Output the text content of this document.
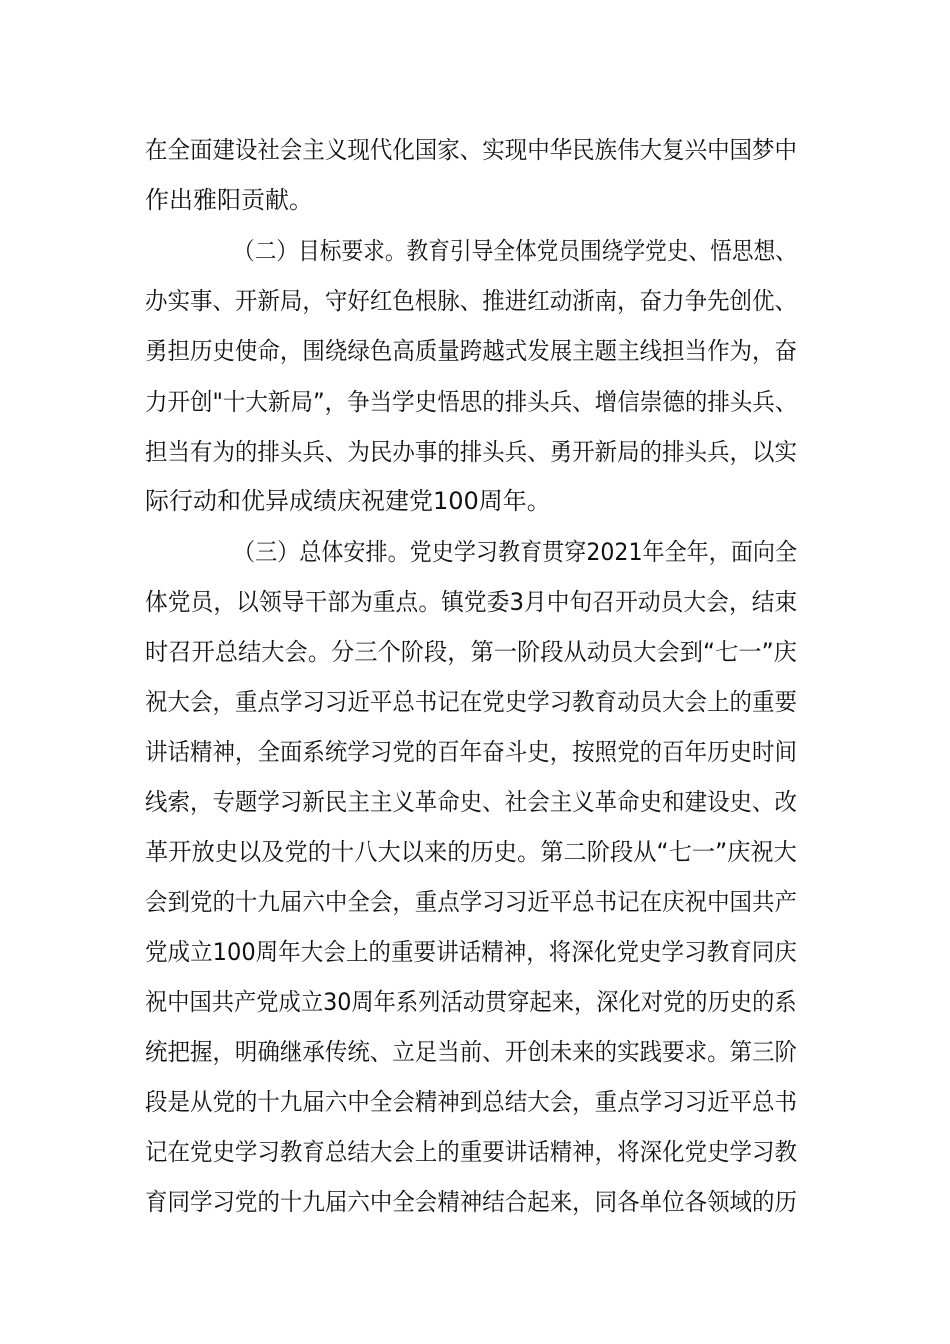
在全面建设社会主义现代化国家、实现中华民族伟大复兴中国梦中
作出雅阳贡献。
（二）目标要求。教育引导全体党员围绕学党史、悟思想、
办实事、开新局，守好红色根脉、推进红动浙南，奋力争先创优、
勇担历史使命，围绕绿色高质量跨越式发展主题主线担当作为，奋
力开创"十大新局”，争当学史悟思的排头兵、增信崇德的排头兵、
担当有为的排头兵、为民办事的排头兵、勇开新局的排头兵，以实
际行动和优异成绩庆祝建党100周年。
（三）总体安排。党史学习教育贯穿2021年全年，面向全
体党员，以领导干部为重点。镇党委3月中旬召开动员大会，结束
时召开总结大会。分三个阶段，第一阶段从动员大会到“七一”庆
祝大会，重点学习习近平总书记在党史学习教育动员大会上的重要
讲话精神，全面系统学习党的百年奋斗史，按照党的百年历史时间
线索，专题学习新民主主义革命史、社会主义革命史和建设史、改
革开放史以及党的十八大以来的历史。第二阶段从“七一”庆祝大
会到党的十九届六中全会，重点学习习近平总书记在庆祝中国共产
党成立100周年大会上的重要讲话精神，将深化党史学习教育同庆
祝中国共产党成立30周年系列活动贯穿起来，深化对党的历史的系
统把握，明确继承传统、立足当前、开创未来的实践要求。第三阶
段是从党的十九届六中全会精神到总结大会，重点学习习近平总书
记在党史学习教育总结大会上的重要讲话精神，将深化党史学习教
育同学习党的十九届六中全会精神结合起来，同各单位各领域的历
